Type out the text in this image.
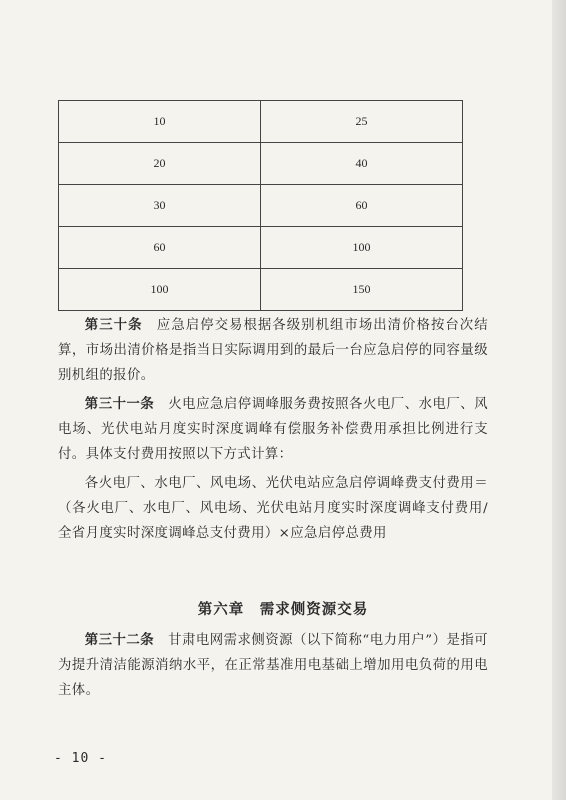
10	25
20	40
30	60
60	100
100	150

第三十条  应急启停交易根据各级别机组市场出清价格按台次结算，市场出清价格是指当日实际调用到的最后一台应急启停的同容量级别机组的报价。

第三十一条  火电应急启停调峰服务费按照各火电厂、水电厂、风电场、光伏电站月度实时深度调峰有偿服务补偿费用承担比例进行支付。具体支付费用按照以下方式计算：

各火电厂、水电厂、风电场、光伏电站应急启停调峰费支付费用＝（各火电厂、水电厂、风电场、光伏电站月度实时深度调峰支付费用/全省月度实时深度调峰总支付费用）×应急启停总费用

第六章  需求侧资源交易

第三十二条  甘肃电网需求侧资源（以下简称“电力用户”）是指可为提升清洁能源消纳水平，在正常基准用电基础上增加用电负荷的用电主体。

- 10 -
